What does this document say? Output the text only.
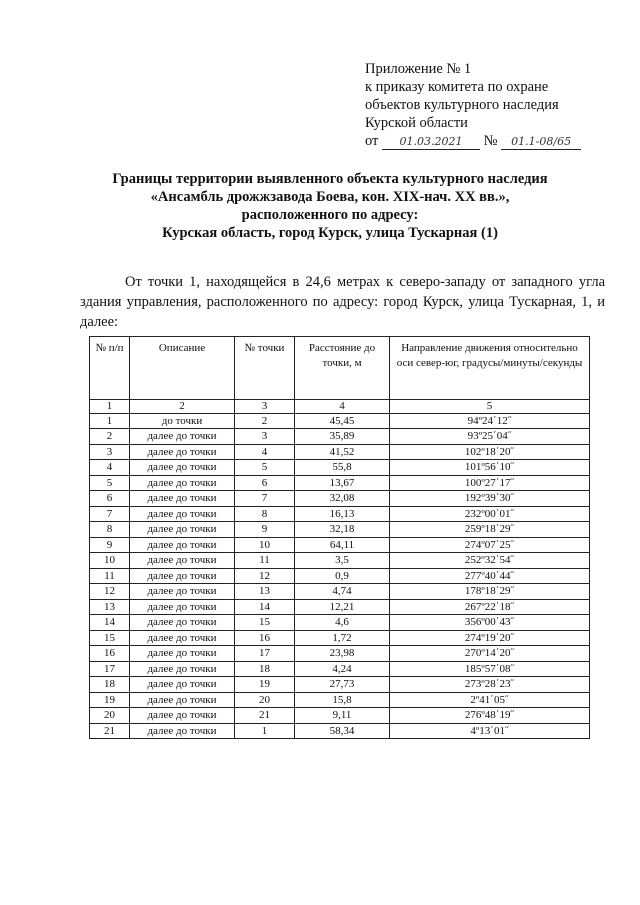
Приложение № 1
к приказу комитета по охране
объектов культурного наследия
Курской области
от 01.03.2021 № 01.1-08/65
Границы территории выявленного объекта культурного наследия
«Ансамбль дрожжзавода Боева, кон. XIX-нач. XX вв.»,
расположенного по адресу:
Курская область, город Курск, улица Тускарная (1)

От точки 1, находящейся в 24,6 метрах к северо-западу от западного угла здания управления, расположенного по адресу: город Курск, улица Тускарная, 1, и далее:

№ п/п	Описание	№ точки	Расстояние до точки, м	Направление движения относительно оси север-юг, градусы/минуты/секунды
1	2	3	4	5
1	до точки	2	45,45	94º24΄12˝
2	далее до точки	3	35,89	93º25΄04˝
3	далее до точки	4	41,52	102º18΄20˝
4	далее до точки	5	55,8	101º56΄10˝
5	далее до точки	6	13,67	100º27΄17˝
6	далее до точки	7	32,08	192º39΄30˝
7	далее до точки	8	16,13	232º00΄01˝
8	далее до точки	9	32,18	259º18΄29˝
9	далее до точки	10	64,11	274º07΄25˝
10	далее до точки	11	3,5	252º32΄54˝
11	далее до точки	12	0,9	277º40΄44˝
12	далее до точки	13	4,74	178º18΄29˝
13	далее до точки	14	12,21	267º22΄18˝
14	далее до точки	15	4,6	356º00΄43˝
15	далее до точки	16	1,72	274º19΄20˝
16	далее до точки	17	23,98	270º14΄20˝
17	далее до точки	18	4,24	185º57΄08˝
18	далее до точки	19	27,73	273º28΄23˝
19	далее до точки	20	15,8	2º41΄05˝
20	далее до точки	21	9,11	276º48΄19˝
21	далее до точки	1	58,34	4º13΄01˝
